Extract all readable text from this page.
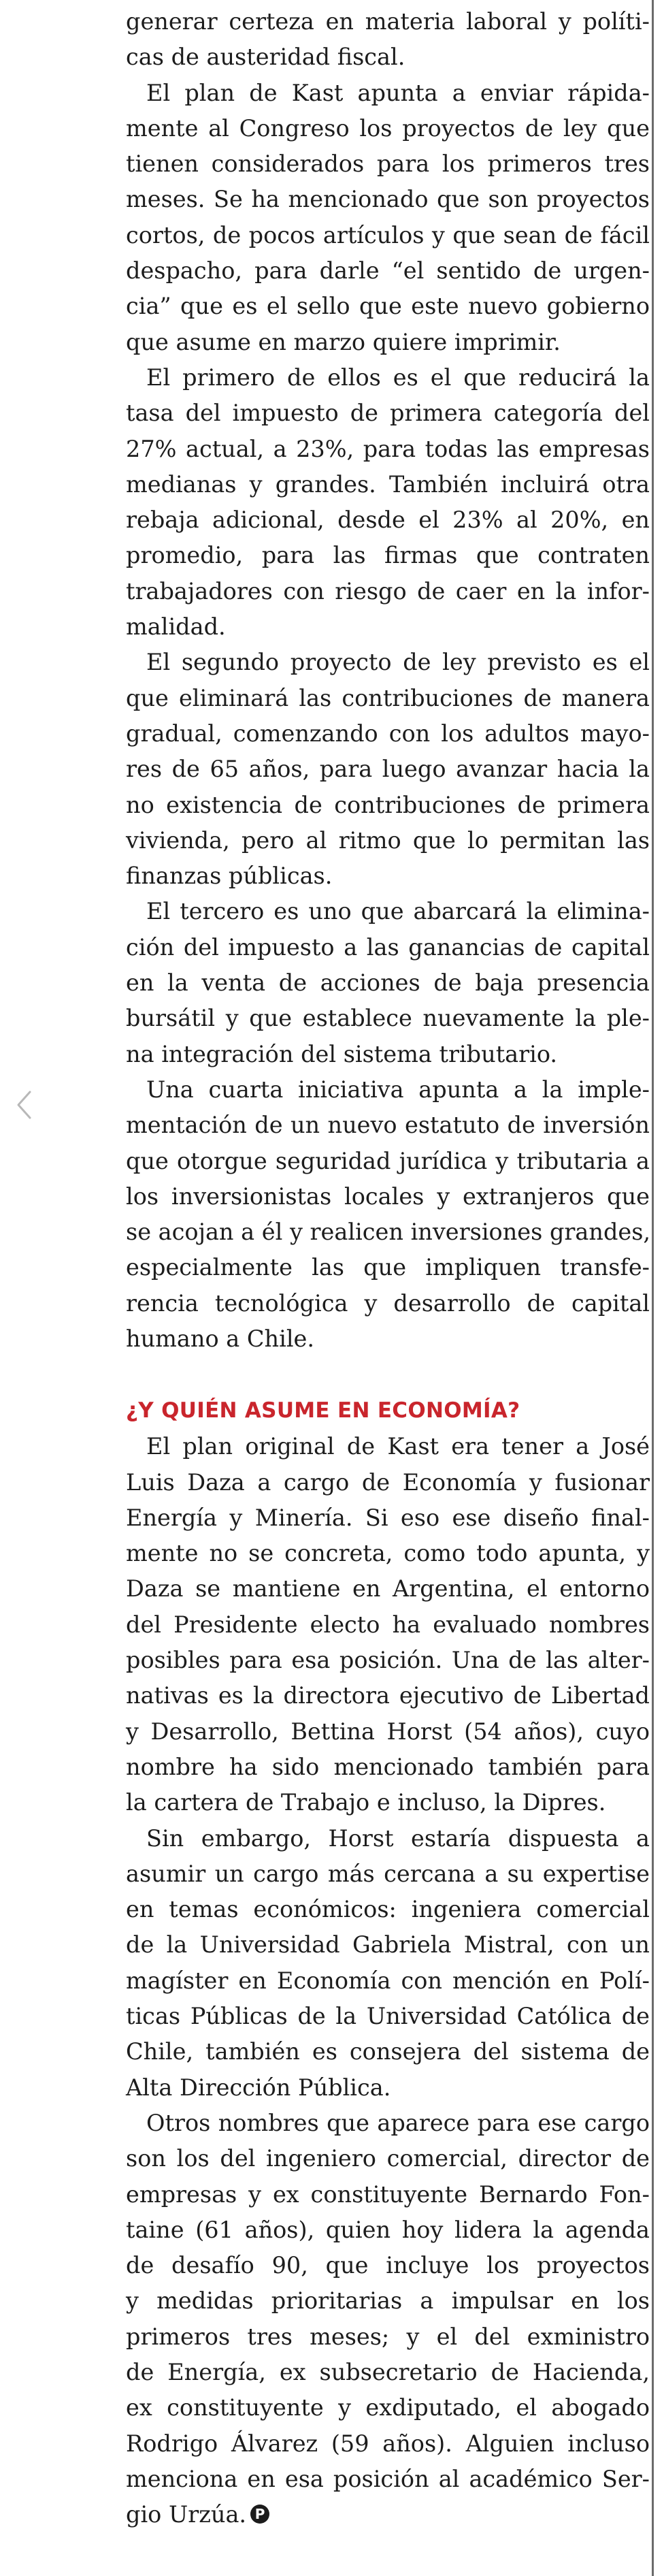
generar certeza en materia laboral y políti-
cas de austeridad fiscal.
El plan de Kast apunta a enviar rápida-
mente al Congreso los proyectos de ley que
tienen considerados para los primeros tres
meses. Se ha mencionado que son proyectos
cortos, de pocos artículos y que sean de fácil
despacho, para darle “el sentido de urgen-
cia” que es el sello que este nuevo gobierno
que asume en marzo quiere imprimir.
El primero de ellos es el que reducirá la
tasa del impuesto de primera categoría del
27% actual, a 23%, para todas las empresas
medianas y grandes. También incluirá otra
rebaja adicional, desde el 23% al 20%, en
promedio, para las firmas que contraten
trabajadores con riesgo de caer en la infor-
malidad.
El segundo proyecto de ley previsto es el
que eliminará las contribuciones de manera
gradual, comenzando con los adultos mayo-
res de 65 años, para luego avanzar hacia la
no existencia de contribuciones de primera
vivienda, pero al ritmo que lo permitan las
finanzas públicas.
El tercero es uno que abarcará la elimina-
ción del impuesto a las ganancias de capital
en la venta de acciones de baja presencia
bursátil y que establece nuevamente la ple-
na integración del sistema tributario.
Una cuarta iniciativa apunta a la imple-
mentación de un nuevo estatuto de inversión
que otorgue seguridad jurídica y tributaria a
los inversionistas locales y extranjeros que
se acojan a él y realicen inversiones grandes,
especialmente las que impliquen transfe-
rencia tecnológica y desarrollo de capital
humano a Chile.
¿Y QUIÉN ASUME EN ECONOMÍA?
El plan original de Kast era tener a José
Luis Daza a cargo de Economía y fusionar
Energía y Minería. Si eso ese diseño final-
mente no se concreta, como todo apunta, y
Daza se mantiene en Argentina, el entorno
del Presidente electo ha evaluado nombres
posibles para esa posición. Una de las alter-
nativas es la directora ejecutivo de Libertad
y Desarrollo, Bettina Horst (54 años), cuyo
nombre ha sido mencionado también para
la cartera de Trabajo e incluso, la Dipres.
Sin embargo, Horst estaría dispuesta a
asumir un cargo más cercana a su expertise
en temas económicos: ingeniera comercial
de la Universidad Gabriela Mistral, con un
magíster en Economía con mención en Polí-
ticas Públicas de la Universidad Católica de
Chile, también es consejera del sistema de
Alta Dirección Pública.
Otros nombres que aparece para ese cargo
son los del ingeniero comercial, director de
empresas y ex constituyente Bernardo Fon-
taine (61 años), quien hoy lidera la agenda
de desafío 90, que incluye los proyectos
y medidas prioritarias a impulsar en los
primeros tres meses; y el del exministro
de Energía, ex subsecretario de Hacienda,
ex constituyente y exdiputado, el abogado
Rodrigo Álvarez (59 años). Alguien incluso
menciona en esa posición al académico Ser-
gio Urzúa. P
